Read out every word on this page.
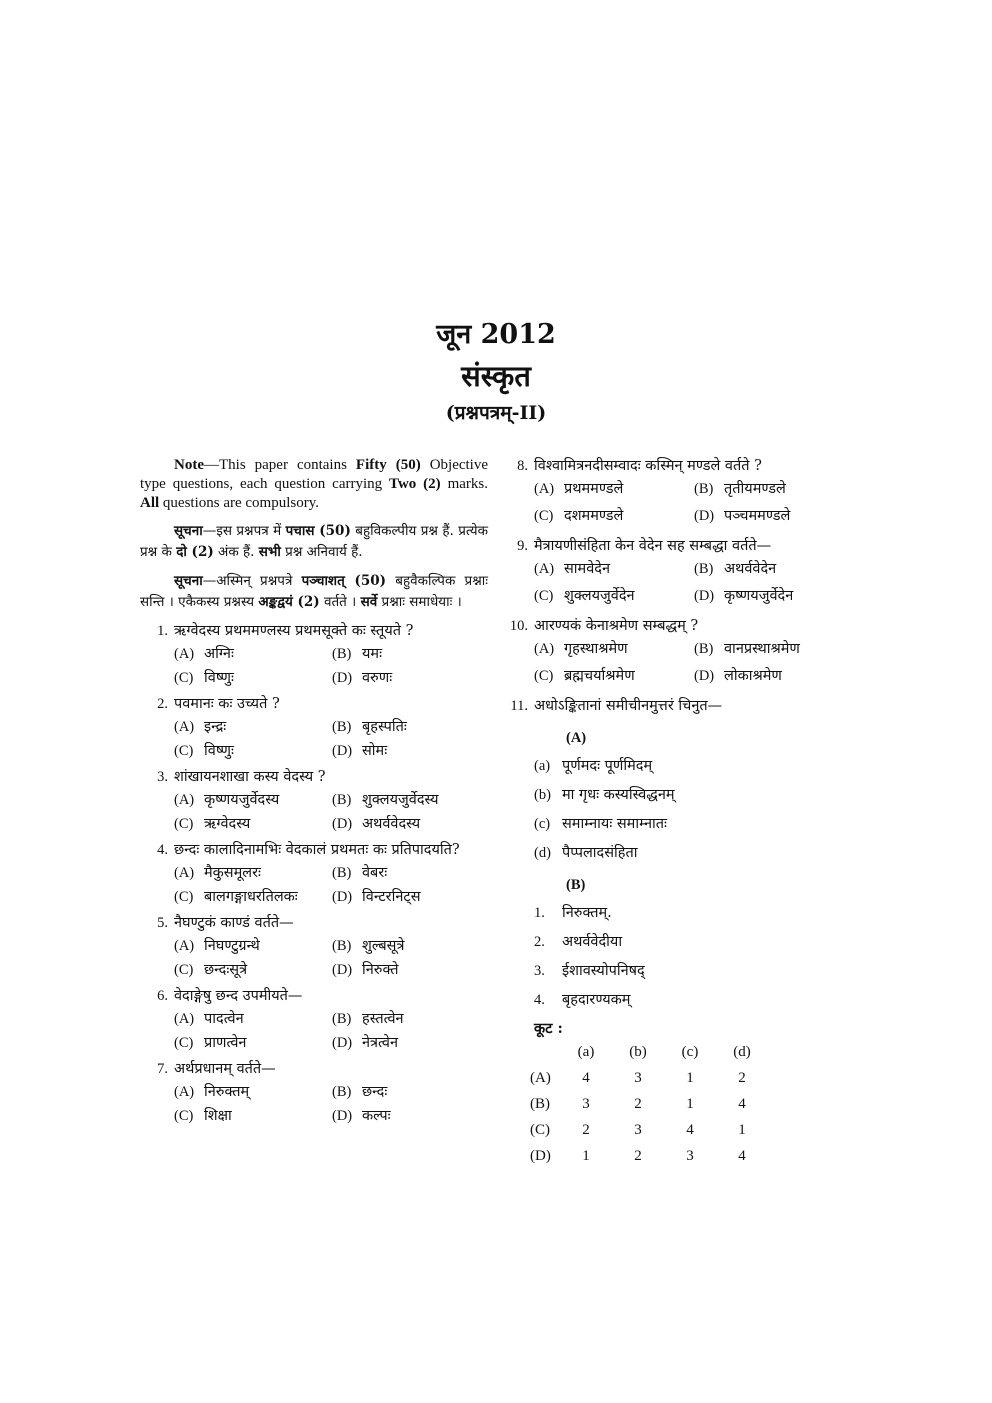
जून 2012
संस्कृत
(प्रश्नपत्रम्-II)

Note—This paper contains Fifty (50) Objective type questions, each question carrying Two (2) marks. All questions are compulsory.

सूचना—इस प्रश्नपत्र में पचास (50) बहुविकल्पीय प्रश्न हैं. प्रत्येक प्रश्न के दो (2) अंक हैं. सभी प्रश्न अनिवार्य हैं.

सूचना—अस्मिन् प्रश्नपत्रे पञ्चाशत् (50) बहुवैकल्पिक प्रश्नाः सन्ति । एकैकस्य प्रश्नस्य अङ्कद्वयं (2) वर्तते । सर्वे प्रश्नाः समाधेयाः ।

1. ऋग्वेदस्य प्रथममण्लस्य प्रथमसूक्ते कः स्तूयते ?
(A) अग्निः	(B) यमः
(C) विष्णुः	(D) वरुणः
2. पवमानः कः उच्यते ?
(A) इन्द्रः	(B) बृहस्पतिः
(C) विष्णुः	(D) सोमः
3. शांखायनशाखा कस्य वेदस्य ?
(A) कृष्णयजुर्वेदस्य	(B) शुक्लयजुर्वेदस्य
(C) ऋग्वेदस्य	(D) अथर्ववेदस्य
4. छन्दः कालादिनामभिः वेदकालं प्रथमतः कः प्रतिपादयति?
(A) मैकुसमूलरः	(B) वेबरः
(C) बालगङ्गाधरतिलकः	(D) विन्टरनिट्स
5. नैघण्टुकं काण्डं वर्तते—
(A) निघण्टुग्रन्थे	(B) शुल्बसूत्रे
(C) छन्दःसूत्रे	(D) निरुक्ते
6. वेदाङ्गेषु छन्द उपमीयते—
(A) पादत्वेन	(B) हस्तत्वेन
(C) प्राणत्वेन	(D) नेत्रत्वेन
7. अर्थप्रधानम् वर्तते—
(A) निरुक्तम्	(B) छन्दः
(C) शिक्षा	(D) कल्पः
8. विश्वामित्रनदीसम्वादः कस्मिन् मण्डले वर्तते ?
(A) प्रथममण्डले	(B) तृतीयमण्डले
(C) दशममण्डले	(D) पञ्चममण्डले
9. मैत्रायणीसंहिता केन वेदेन सह सम्बद्धा वर्तते—
(A) सामवेदेन	(B) अथर्ववेदेन
(C) शुक्लयजुर्वेदेन	(D) कृष्णयजुर्वेदेन
10. आरण्यकं केनाश्रमेण सम्बद्धम् ?
(A) गृहस्थाश्रमेण	(B) वानप्रस्थाश्रमेण
(C) ब्रह्मचर्याश्रमेण	(D) लोकाश्रमेण
11. अधोऽङ्कितानां समीचीनमुत्तरं चिनुत—
(A)
(a) पूर्णमदः पूर्णमिदम्
(b) मा गृधः कस्यस्विद्धनम्
(c) समाम्नायः समाम्नातः
(d) पैप्पलादसंहिता
(B)
1.	निरुक्तम्.
2.	अथर्ववेदीया
3.	ईशावस्योपनिषद्
4.	बृहदारण्यकम्
कूट :
	(a)	(b)	(c)	(d)
(A)	4	3	1	2
(B)	3	2	1	4
(C)	2	3	4	1
(D)	1	2	3	4
